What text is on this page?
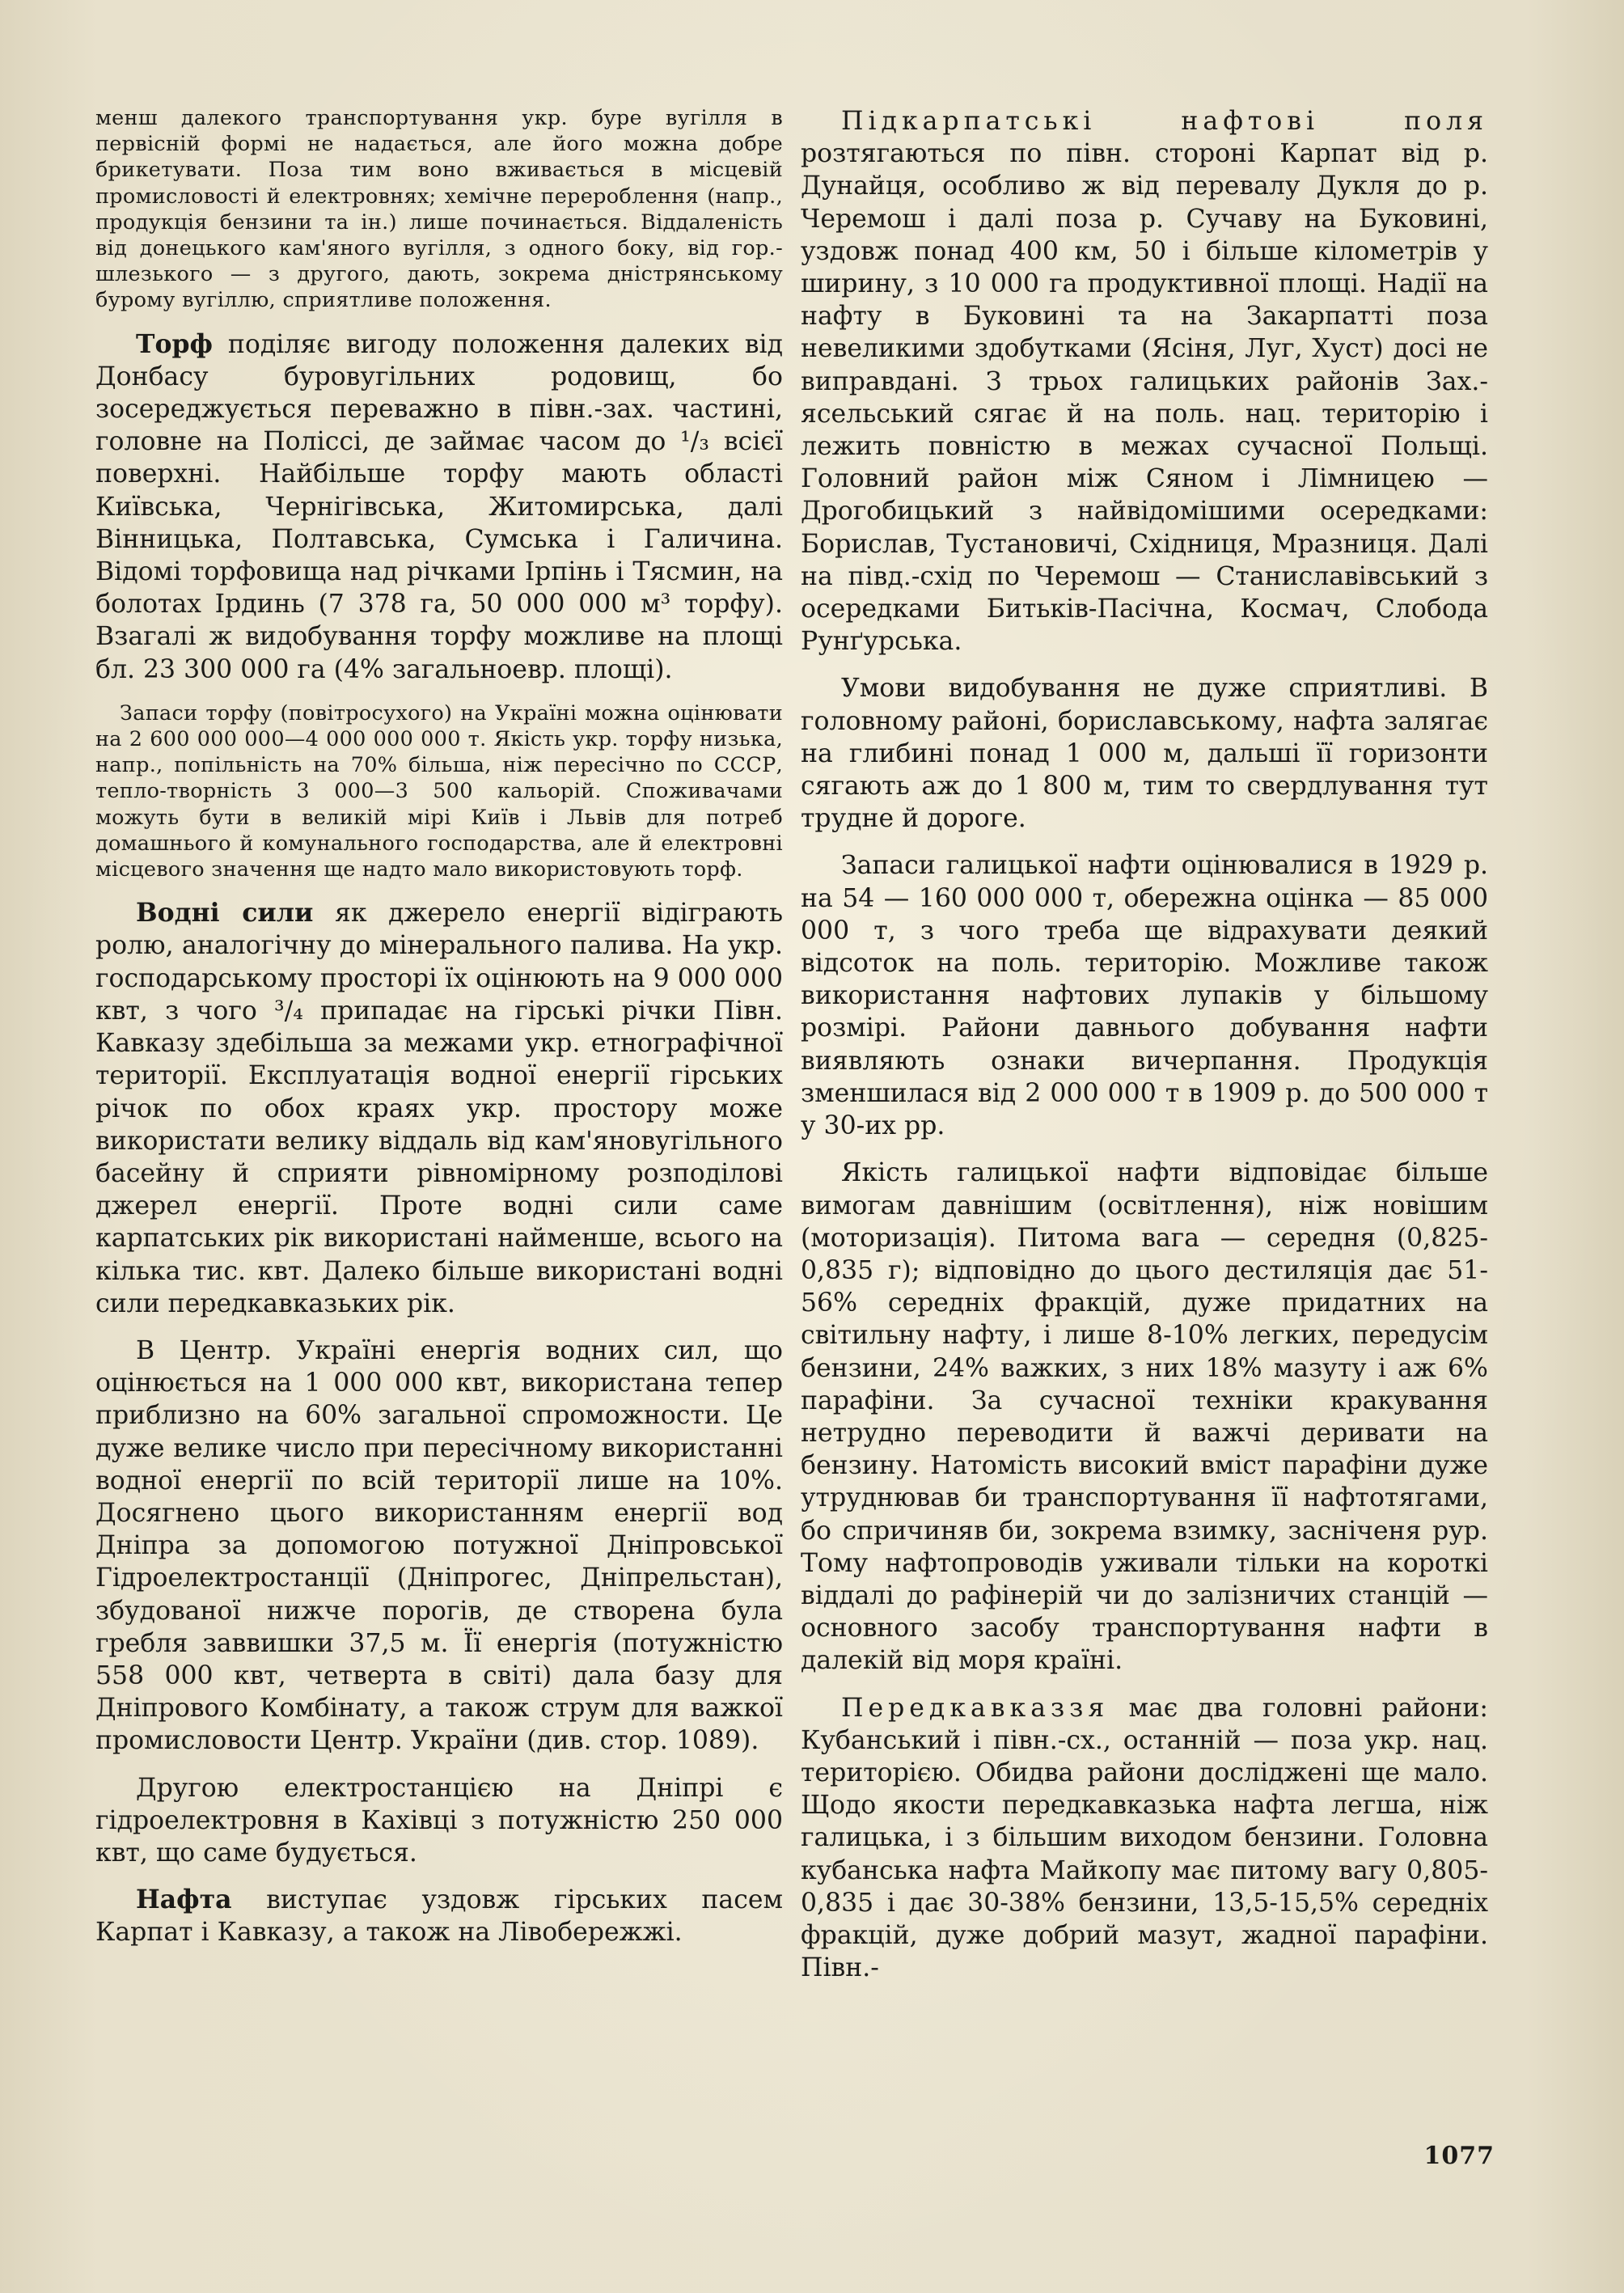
менш далекого транспортування укр. буре вугілля в первісній формі не надається, але його можна добре брикетувати. Поза тим воно вживається в місцевій промисловості й електровнях; хемічне перероблення (напр., продукція бензини та ін.) лише починається. Віддаленість від донецького кам'яного вугілля, з одного боку, від гор.-шлезького — з другого, дають, зокрема дністрянському бурому вугіллю, сприятливе положення.

Торф поділяє вигоду положення далеких від Донбасу буровугільних родовищ, бо зосереджується переважно в півн.-зах. частині, головне на Поліссі, де займає часом до ¹/₃ всієї поверхні. Найбільше торфу мають області Київська, Чернігівська, Житомирська, далі Вінницька, Полтавська, Сумська і Галичина. Відомі торфовища над річками Ірпінь і Тясмин, на болотах Ірдинь (7 378 га, 50 000 000 м³ торфу). Взагалі ж видобування торфу можливе на площі бл. 23 300 000 га (4% загальноевр. площі).

Запаси торфу (повітросухого) на Україні можна оцінювати на 2 600 000 000—4 000 000 000 т. Якість укр. торфу низька, напр., попільність на 70% більша, ніж пересічно по СССР, тепло-творність 3 000—3 500 кальорій. Споживачами можуть бути в великій мірі Київ і Львів для потреб домашнього й комунального господарства, але й електровні місцевого значення ще надто мало використовують торф.

Водні сили як джерело енергії відіграють ролю, аналогічну до мінерального палива. На укр. господарському просторі їх оцінюють на 9 000 000 квт, з чого ³/₄ припадає на гірські річки Півн. Кавказу здебільша за межами укр. етнографічної території. Експлуатація водної енергії гірських річок по обох краях укр. простору може використати велику віддаль від кам'яновугільного басейну й сприяти рівномірному розподілові джерел енергії. Проте водні сили саме карпатських рік використані найменше, всього на кілька тис. квт. Далеко більше використані водні сили передкавказьких рік.

В Центр. Україні енергія водних сил, що оцінюється на 1 000 000 квт, використана тепер приблизно на 60% загальної спроможности. Це дуже велике число при пересічному використанні водної енергії по всій території лише на 10%. Досягнено цього використанням енергії вод Дніпра за допомогою потужної Дніпровської Гідроелектростанції (Дніпрогес, Дніпрельстан), збудованої нижче порогів, де створена була гребля заввишки 37,5 м. Її енергія (потужністю 558 000 квт, четверта в світі) дала базу для Дніпрового Комбінату, а також струм для важкої промисловости Центр. України (див. стор. 1089).

Другою електростанцією на Дніпрі є гідроелектровня в Кахівці з потужністю 250 000 квт, що саме будується.

Нафта виступає уздовж гірських пасем Карпат і Кавказу, а також на Лівобережжі.

Підкарпатські нафтові поля розтягаються по півн. стороні Карпат від р. Дунайця, особливо ж від перевалу Дукля до р. Черемош і далі поза р. Сучаву на Буковині, уздовж понад 400 км, 50 і більше кілометрів у ширину, з 10 000 га продуктивної площі. Надії на нафту в Буковині та на Закарпатті поза невеликими здобутками (Ясіня, Луг, Хуст) досі не виправдані. З трьох галицьких районів Зах.-ясельський сягає й на поль. нац. територію і лежить повністю в межах сучасної Польщі. Головний район між Сяном і Лімницею — Дрогобицький з найвідомішими осередками: Борислав, Тустановичі, Східниця, Мразниця. Далі на півд.-схід по Черемош — Станиславівський з осередками Битьків-Пасічна, Космач, Слобода Рунґурська.

Умови видобування не дуже сприятливі. В головному районі, бориславському, нафта залягає на глибині понад 1 000 м, дальші її горизонти сягають аж до 1 800 м, тим то свердлування тут трудне й дороге.

Запаси галицької нафти оцінювалися в 1929 р. на 54 — 160 000 000 т, обережна оцінка — 85 000 000 т, з чого треба ще відрахувати деякий відсоток на поль. територію. Можливе також використання нафтових лупаків у більшому розмірі. Райони давнього добування нафти виявляють ознаки вичерпання. Продукція зменшилася від 2 000 000 т в 1909 р. до 500 000 т у 30-их рр.

Якість галицької нафти відповідає більше вимогам давнішим (освітлення), ніж новішим (моторизація). Питома вага — середня (0,825-0,835 г); відповідно до цього дестиляція дає 51-56% середніх фракцій, дуже придатних на світильну нафту, і лише 8-10% легких, передусім бензини, 24% важких, з них 18% мазуту і аж 6% парафіни. За сучасної техніки кракування нетрудно переводити й важчі деривати на бензину. Натомість високий вміст парафіни дуже утруднював би транспортування її нафтотягами, бо спричиняв би, зокрема взимку, засніченя рур. Тому нафтопроводів уживали тільки на короткі віддалі до рафінерій чи до залізничих станцій — основного засобу транспортування нафти в далекій від моря країні.

Передкавказзя має два головні райони: Кубанський і півн.-сх., останній — поза укр. нац. територією. Обидва райони досліджені ще мало. Щодо якости передкавказька нафта легша, ніж галицька, і з більшим виходом бензини. Головна кубанська нафта Майкопу має питому вагу 0,805-0,835 і дає 30-38% бензини, 13,5-15,5% середніх фракцій, дуже добрий мазут, жадної парафіни. Півн.-

1077
